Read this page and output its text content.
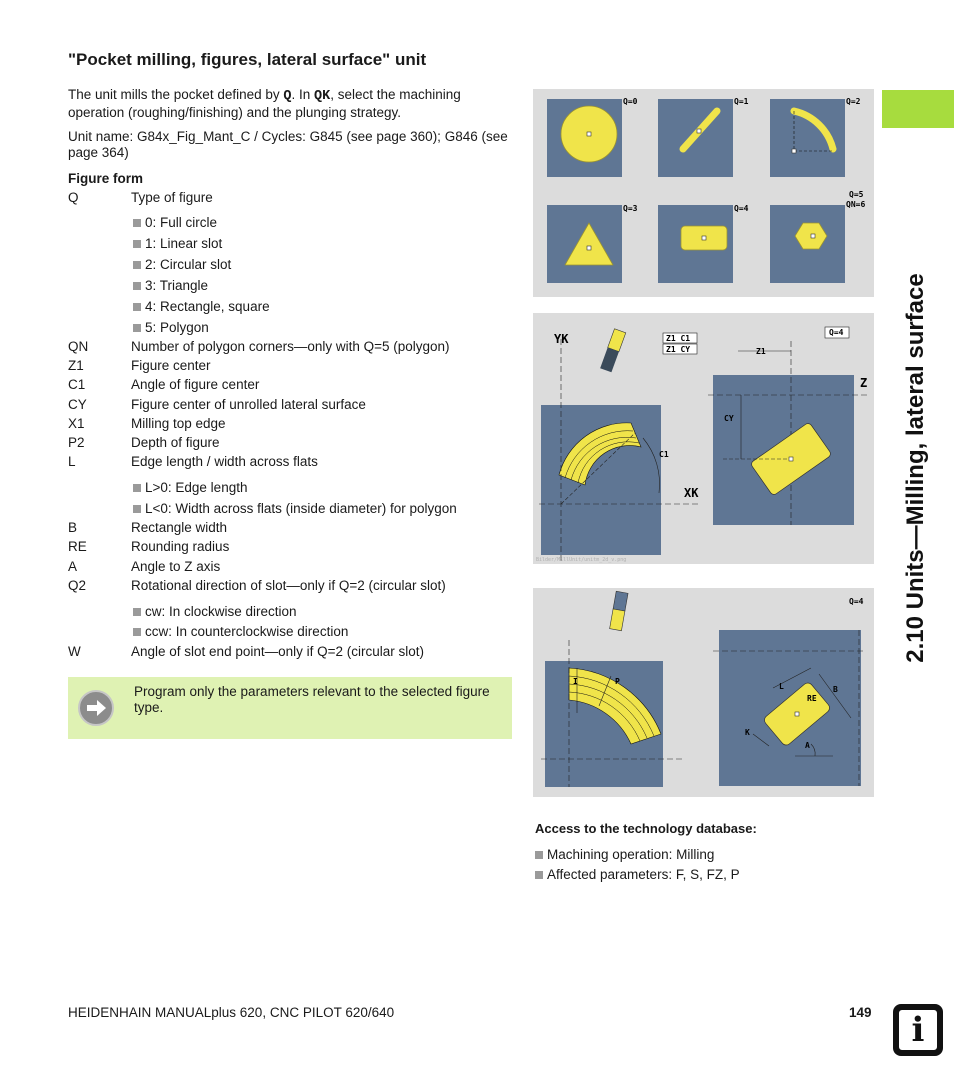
"Pocket milling, figures, lateral surface" unit
The unit mills the pocket defined by Q. In QK, select the machining operation (roughing/finishing) and the plunging strategy.
Unit name: G84x_Fig_Mant_C / Cycles: G845 (see page 360); G846 (see page 364)
Figure form
Q	Type of figure
0: Full circle
1: Linear slot
2: Circular slot
3: Triangle
4: Rectangle, square
5: Polygon
QN	Number of polygon corners—only with Q=5 (polygon)
Z1	Figure center
C1	Angle of figure center
CY	Figure center of unrolled lateral surface
X1	Milling top edge
P2	Depth of figure
L	Edge length / width across flats
L>0: Edge length
L<0: Width across flats (inside diameter) for polygon
B	Rectangle width
RE	Rounding radius
A	Angle to Z axis
Q2	Rotational direction of slot—only if Q=2 (circular slot)
cw: In clockwise direction
ccw: In counterclockwise direction
W	Angle of slot end point—only if Q=2 (circular slot)
Program only the parameters relevant to the selected figure type.
2.10 Units—Milling, lateral surface
Q=0	Q=1	Q=2
Q=3	Q=4
Q=5
QN=6
YK
XK
C1
Z1 C1
Z1 CY
Q=4
Z1
CY
Z
Bilder/MillUnit/unitm_2d_v.png
Q=4
I	P
L	B
RE
K
A
Access to the technology database:
Machining operation: Milling
Affected parameters: F, S, FZ, P
HEIDENHAIN MANUALplus 620, CNC PILOT 620/640	149	i
